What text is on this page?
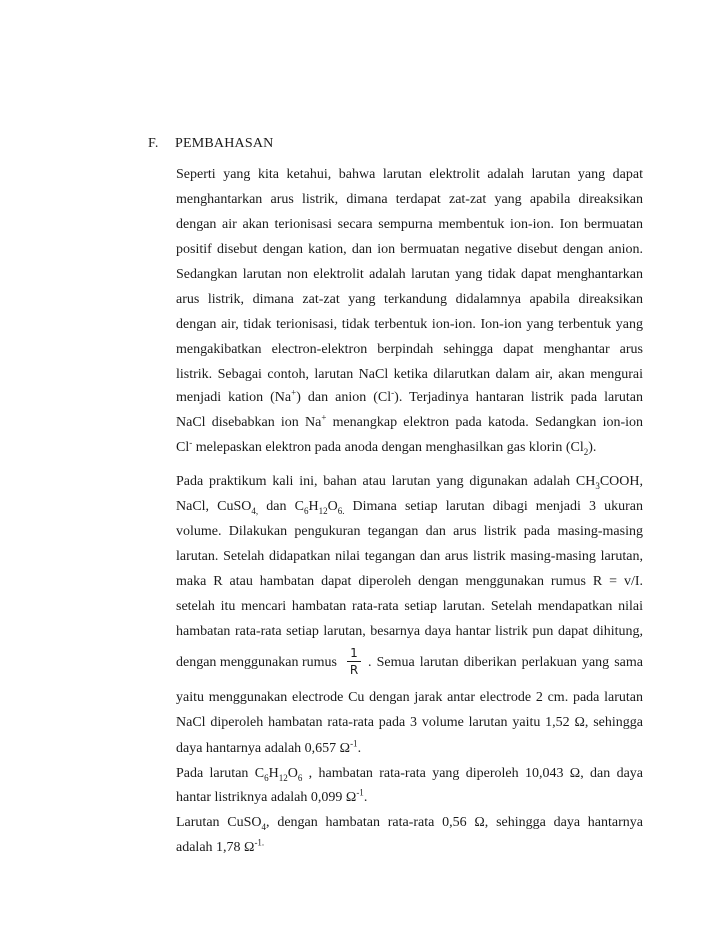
F. PEMBAHASAN
Seperti yang kita ketahui, bahwa larutan elektrolit adalah larutan yang dapat
menghantarkan arus listrik, dimana terdapat zat-zat yang apabila direaksikan
dengan air akan terionisasi secara sempurna membentuk ion-ion. Ion bermuatan
positif disebut dengan kation, dan ion bermuatan negative disebut dengan anion.
Sedangkan larutan non elektrolit adalah larutan yang tidak dapat menghantarkan
arus listrik, dimana zat-zat yang terkandung didalamnya apabila direaksikan
dengan air, tidak terionisasi, tidak terbentuk ion-ion. Ion-ion yang terbentuk yang
mengakibatkan electron-elektron berpindah sehingga dapat menghantar arus
listrik. Sebagai contoh, larutan NaCl ketika dilarutkan dalam air, akan mengurai
menjadi kation (Na+) dan anion (Cl-). Terjadinya hantaran listrik pada larutan
NaCl disebabkan ion Na+ menangkap elektron pada katoda. Sedangkan ion-ion
Cl- melepaskan elektron pada anoda dengan menghasilkan gas klorin $(Cl_2)$.
Pada praktikum kali ini, bahan atau larutan yang digunakan adalah $CH_3COOH$,
NaCl, CuSO$_{4,}$ dan $C_6H_{12}O_{6.}$ Dimana setiap larutan dibagi menjadi 3 ukuran
volume. Dilakukan pengukuran tegangan dan arus listrik pada masing-masing
larutan. Setelah didapatkan nilai tegangan dan arus listrik masing-masing larutan,
maka R atau hambatan dapat diperoleh dengan menggunakan rumus R = v/I.
setelah itu mencari hambatan rata-rata setiap larutan. Setelah mendapatkan nilai
hambatan rata-rata setiap larutan, besarnya daya hantar listrik pun dapat dihitung,
dengan menggunakan rumus
1
R . Semua larutan diberikan perlakuan yang sama
yaitu menggunakan electrode Cu dengan jarak antar electrode 2 cm. pada larutan
NaCl diperoleh hambatan rata-rata pada 3 volume larutan yaitu 1,52 Ω, sehingga
daya hantarnya adalah 0,657 $\Omega^{-1}$.
Pada larutan $C_6H_{12}O_6$ , hambatan rata-rata yang diperoleh 10,043 Ω, dan daya
hantar listriknya adalah 0,099 $\Omega^{-1}$.
Larutan CuSO$_4$, dengan hambatan rata-rata 0,56 Ω, sehingga daya hantarnya
adalah 1,78 $\Omega^{-1.}$
